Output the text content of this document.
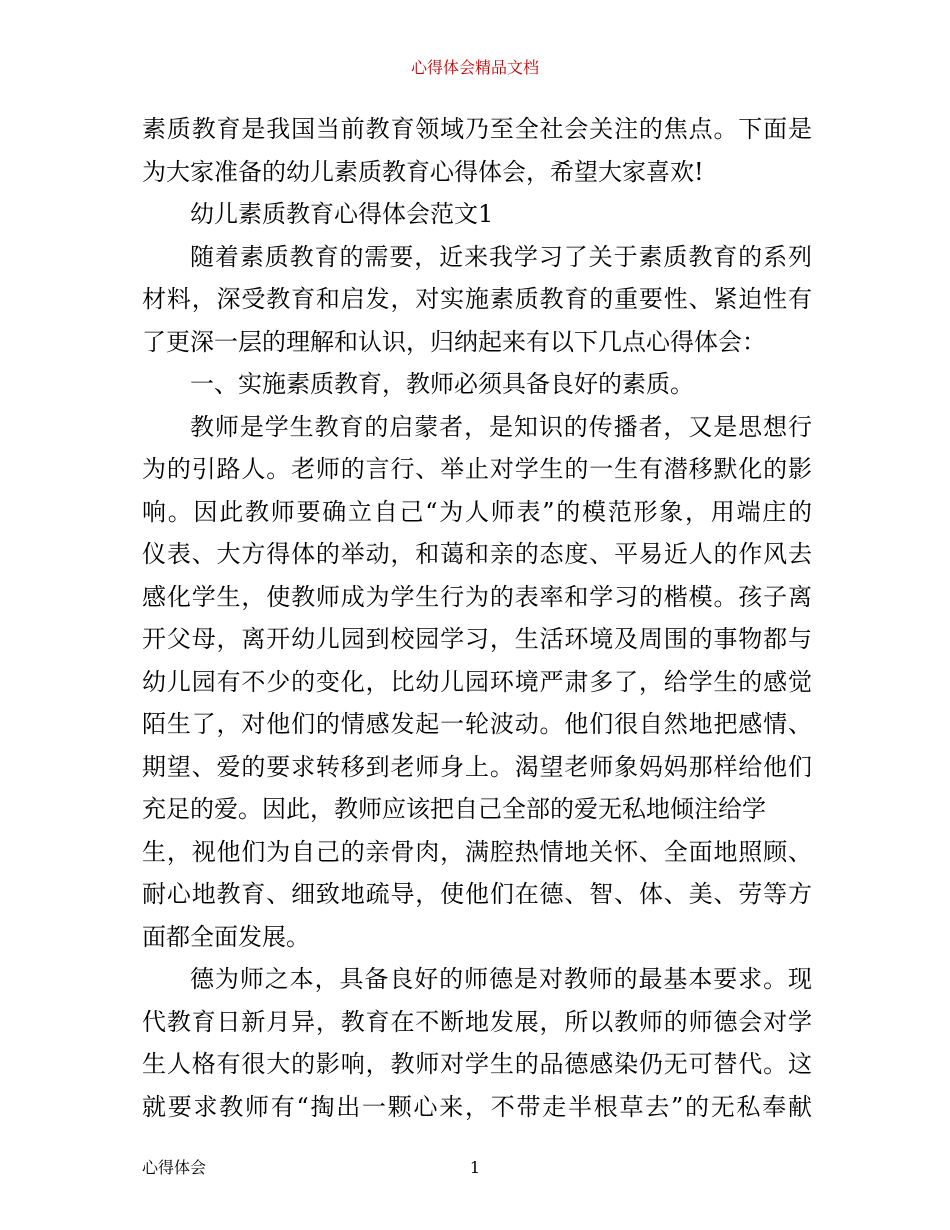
心得体会精品文档
素质教育是我国当前教育领域乃至全社会关注的焦点。下面是
为大家准备的幼儿素质教育心得体会，希望大家喜欢!
幼儿素质教育心得体会范文1
随着素质教育的需要，近来我学习了关于素质教育的系列
材料，深受教育和启发，对实施素质教育的重要性、紧迫性有
了更深一层的理解和认识，归纳起来有以下几点心得体会：
一、实施素质教育，教师必须具备良好的素质。
教师是学生教育的启蒙者，是知识的传播者，又是思想行
为的引路人。老师的言行、举止对学生的一生有潜移默化的影
响。因此教师要确立自己“为人师表”的模范形象，用端庄的
仪表、大方得体的举动，和蔼和亲的态度、平易近人的作风去
感化学生，使教师成为学生行为的表率和学习的楷模。孩子离
开父母，离开幼儿园到校园学习，生活环境及周围的事物都与
幼儿园有不少的变化，比幼儿园环境严肃多了，给学生的感觉
陌生了，对他们的情感发起一轮波动。他们很自然地把感情、
期望、爱的要求转移到老师身上。渴望老师象妈妈那样给他们
充足的爱。因此，教师应该把自己全部的爱无私地倾注给学
生，视他们为自己的亲骨肉，满腔热情地关怀、全面地照顾、
耐心地教育、细致地疏导，使他们在德、智、体、美、劳等方
面都全面发展。
德为师之本，具备良好的师德是对教师的最基本要求。现
代教育日新月异，教育在不断地发展，所以教师的师德会对学
生人格有很大的影响，教师对学生的品德感染仍无可替代。这
就要求教师有“掏出一颗心来，不带走半根草去”的无私奉献
心得体会	1
